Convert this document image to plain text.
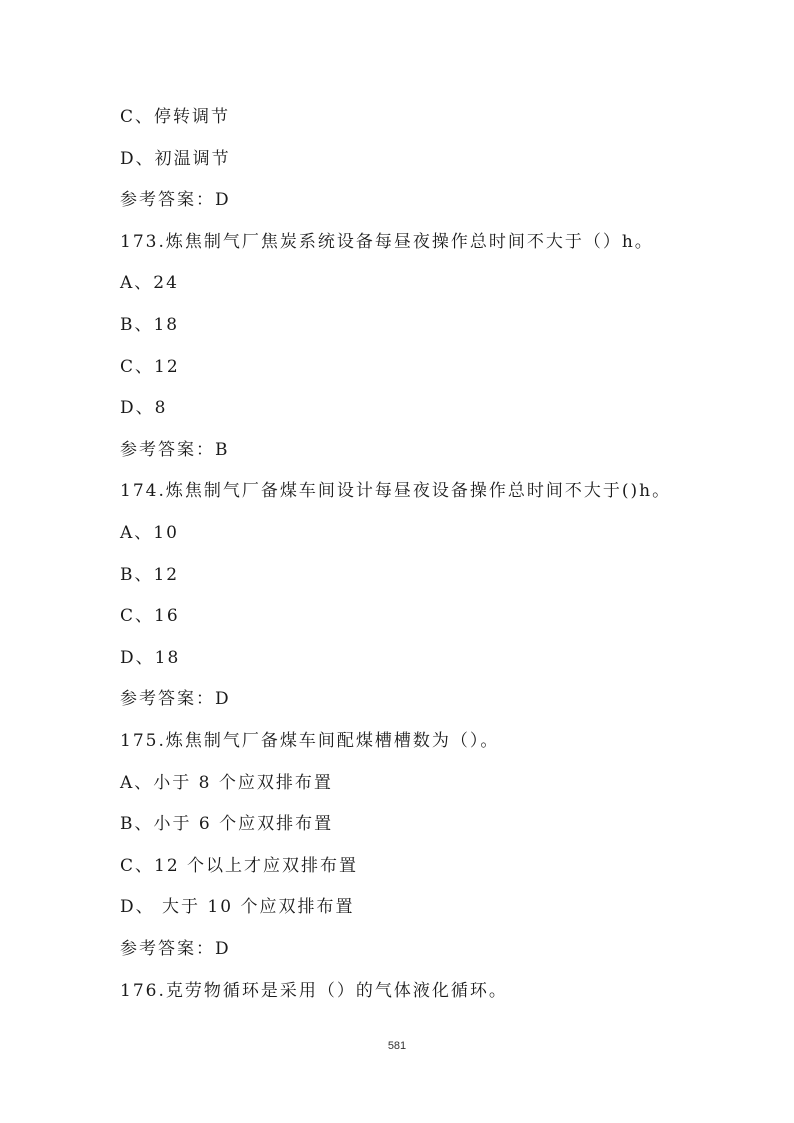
C、停转调节
D、初温调节
参考答案：D
173.炼焦制气厂焦炭系统设备每昼夜操作总时间不大于（）h。
A、24
B、18
C、12
D、8
参考答案：B
174.炼焦制气厂备煤车间设计每昼夜设备操作总时间不大于()h。
A、10
B、12
C、16
D、18
参考答案：D
175.炼焦制气厂备煤车间配煤槽槽数为（）。
A、小于 8 个应双排布置
B、小于 6 个应双排布置
C、12 个以上才应双排布置
D、 大于 10 个应双排布置
参考答案：D
176.克劳物循环是采用（）的气体液化循环。
581
